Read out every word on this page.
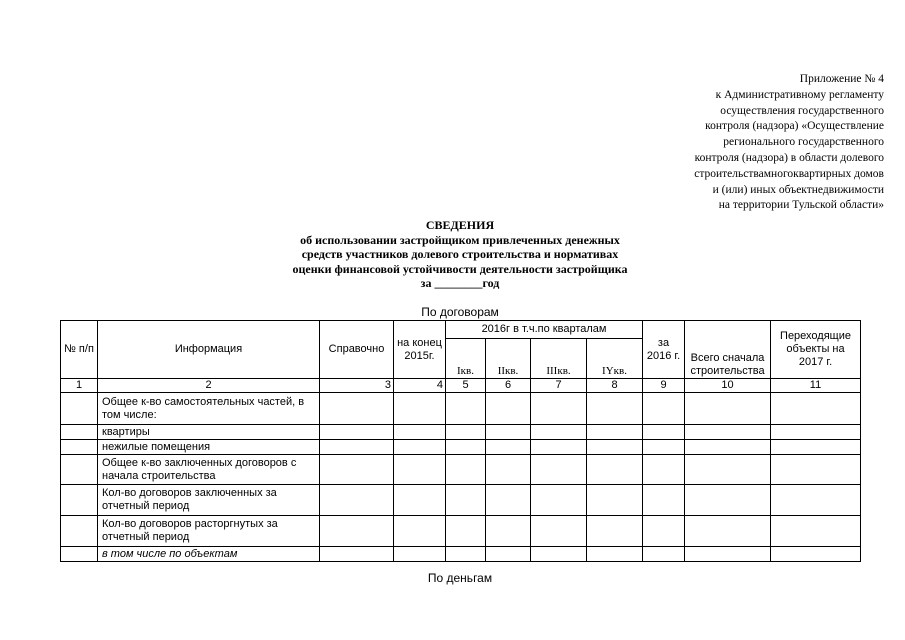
Приложение № 4
к Административному регламенту
осуществления государственного
контроля (надзора) «Осуществление
регионального государственного
контроля (надзора) в области долевого
строительствамногоквартирных домов
и (или) иных объектнедвижимости
на территории Тульской области»
СВЕДЕНИЯ
об использовании застройщиком привлеченных денежных
средств участников долевого строительства и нормативах
оценки финансовой устойчивости деятельности застройщика
за ________год
По договорам
№ п/п	Информация	Справочно	на конец 2015г.	2016г в т.ч.по кварталам				за 2016 г.	Всего сначала строительства	Переходящие объекты на 2017 г.
				Iкв.	IIкв.	IIIкв.	IYкв.			
1	2	3	4	5	6	7	8	9	10	11
	Общее к-во самостоятельных частей, в том числе:									
	квартиры									
	нежилые помещения									
	Общее к-во заключенных договоров с начала строительства									
	Кол-во договоров заключенных за отчетный период									
	Кол-во договоров расторгнутых за отчетный период									
	в том числе по объектам									
По деньгам
